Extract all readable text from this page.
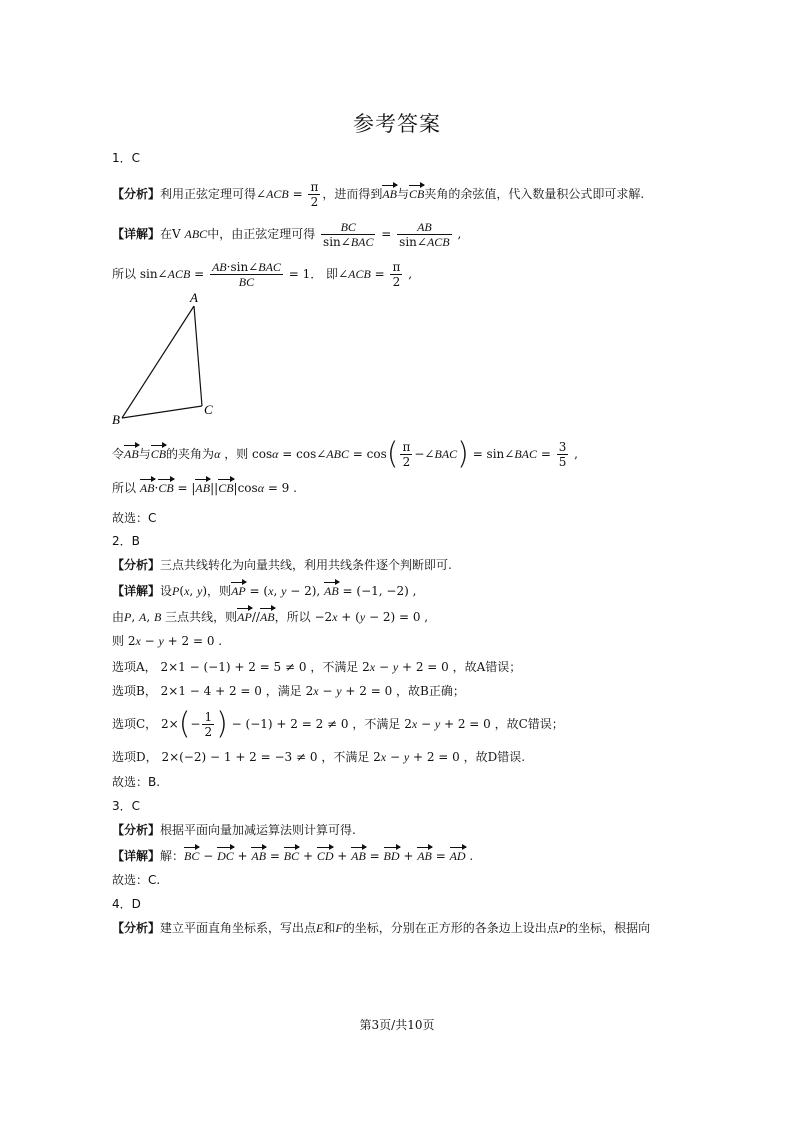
参考答案
1．C
【分析】利用正弦定理可得∠ACB = $\frac{\pi}{2}$ ，进而得到AB与CB夹角的余弦值，代入数量积公式即可求解.
【详解】在V ABC中，由正弦定理可得 $\frac{BC}{\text{sin∠BAC}} = \frac{AB}{\text{sin∠ACB}}$ ,
所以 sin∠ACB = $\frac{\text{AB·sin∠BAC}}{BC} = 1$． 即∠ACB = $\frac{\pi}{2}$ ,
A
B
C
令AB与CB的夹角为α ，则 cosα = cos∠ABC = $\cos( \frac{\pi}{2}$ −∠BAC) = sin∠BAC = $\frac{3}{5}$ ,
所以 AB·CB = |AB||CB|cosα = 9 .
故选：C
2．B
【分析】三点共线转化为向量共线，利用共线条件逐个判断即可.
【详解】设P(x, y)，则AP = (x, y − 2), AB = (−1, −2) ,
由P, A, B 三点共线，则AP//AB，所以 −2x + (y − 2) = 0 ,
则 2x − y + 2 = 0 .
选项A， 2×1 − (−1) + 2 = 5 ≠ 0 ，不满足 2x − y + 2 = 0 ，故A错误；
选项B， 2×1 − 4 + 2 = 0 ，满足 2x − y + 2 = 0 ，故B正确；
选项C， $2\times(- \frac{1}{2}$ ) − (−1) + 2 = 2 ≠ 0 ，不满足 2x − y + 2 = 0 ，故C错误；
选项D， 2×(−2) − 1 + 2 = −3 ≠ 0 ，不满足 2x − y + 2 = 0 ，故D错误.
故选：B.
3．C
【分析】根据平面向量加减运算法则计算可得.
【详解】解：BC − DC + AB = BC + CD + AB = BD + AB = AD .
故选：C.
4．D
【分析】建立平面直角坐标系，写出点E和F的坐标，分别在正方形的各条边上设出点P的坐标，根据向
第3页/共10页
